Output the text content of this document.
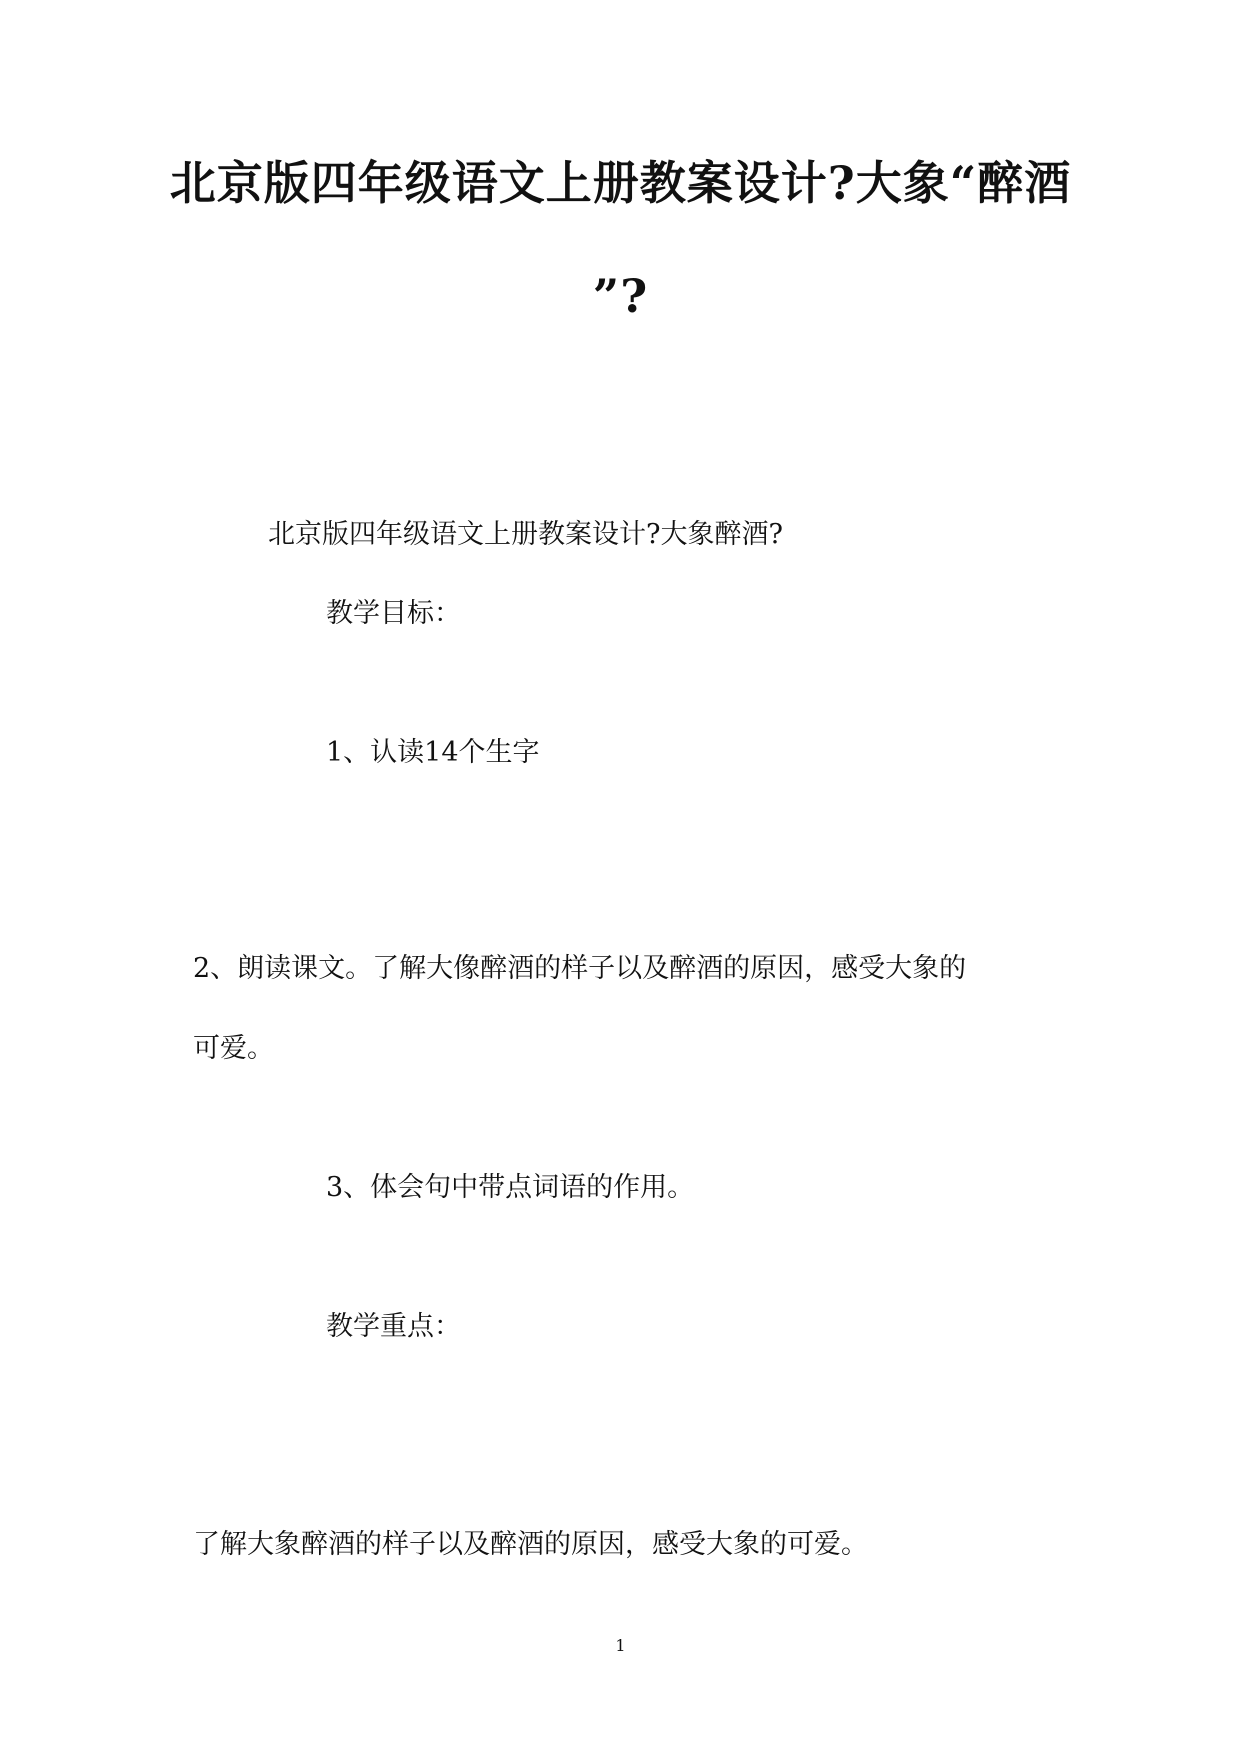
北京版四年级语文上册教案设计?大象“醉酒
”?
北京版四年级语文上册教案设计?大象醉酒?
教学目标：
1、认读14个生字
2、朗读课文。了解大像醉酒的样子以及醉酒的原因，感受大象的
可爱。
3、体会句中带点词语的作用。
教学重点：
了解大象醉酒的样子以及醉酒的原因，感受大象的可爱。
1
